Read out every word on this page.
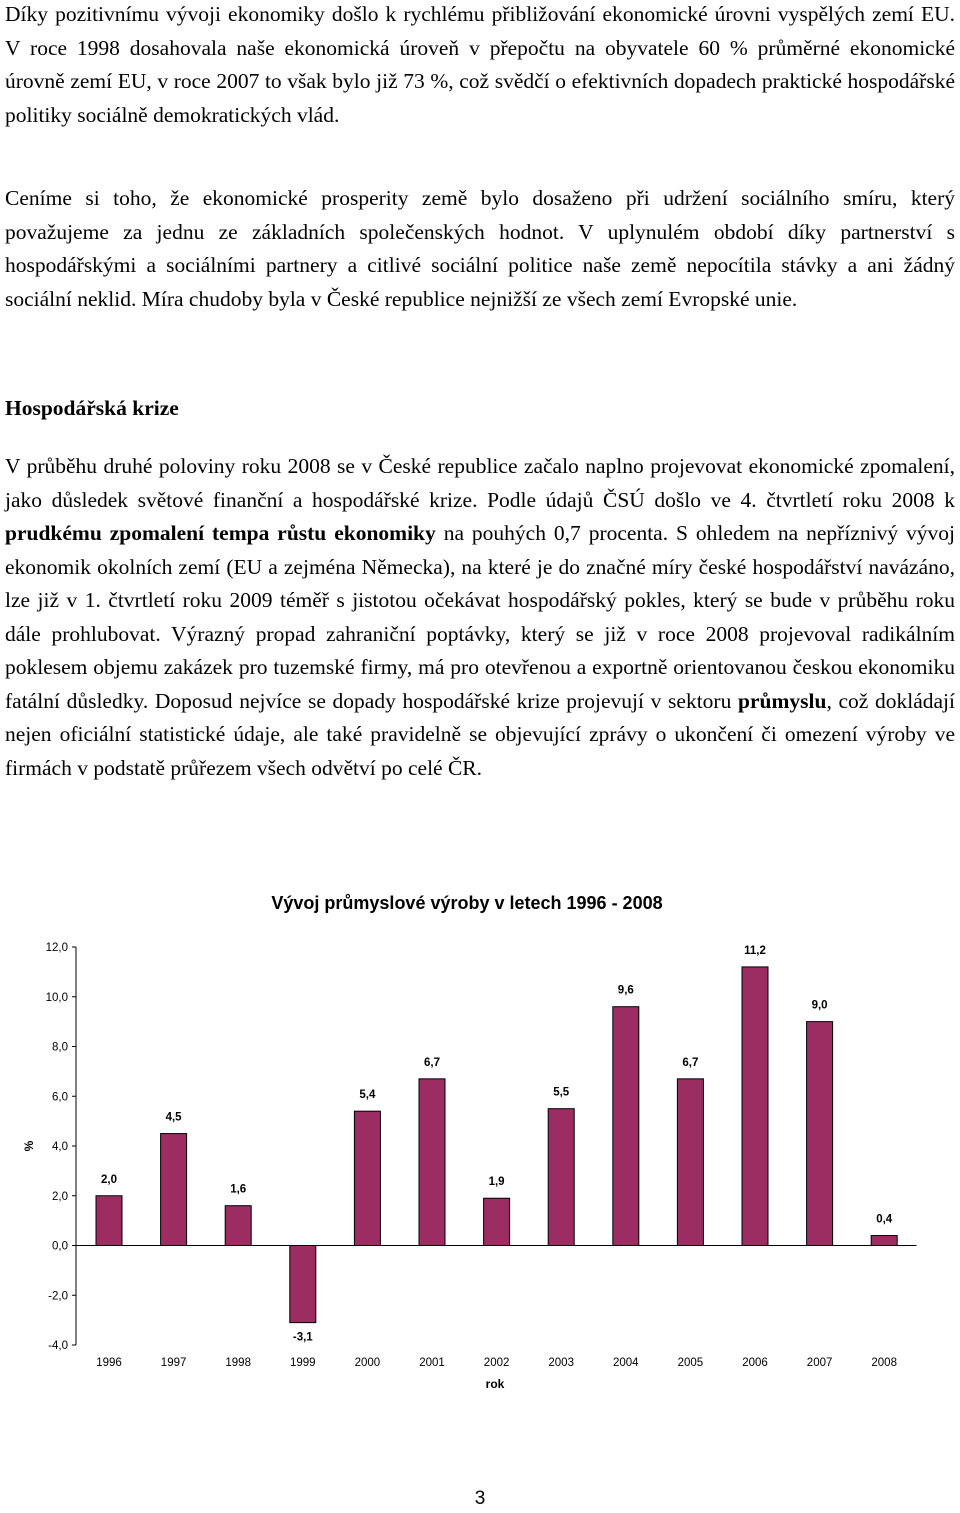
Díky pozitivnímu vývoji ekonomiky došlo k rychlému přibližování ekonomické úrovni vyspělých zemí EU. V roce 1998 dosahovala naše ekonomická úroveň v přepočtu na obyvatele 60 % průměrné ekonomické úrovně zemí EU, v roce 2007 to však bylo již 73 %, což svědčí o efektivních dopadech praktické hospodářské politiky sociálně demokratických vlád.

Ceníme si toho, že ekonomické prosperity země bylo dosaženo při udržení sociálního smíru, který považujeme za jednu ze základních společenských hodnot. V uplynulém období díky partnerství s hospodářskými a sociálními partnery a citlivé sociální politice naše země nepocítila stávky a ani žádný sociální neklid. Míra chudoby byla v České republice nejnižší ze všech zemí Evropské unie.

Hospodářská krize

V průběhu druhé poloviny roku 2008 se v České republice začalo naplno projevovat ekonomické zpomalení, jako důsledek světové finanční a hospodářské krize. Podle údajů ČSÚ došlo ve 4. čtvrtletí roku 2008 k prudkému zpomalení tempa růstu ekonomiky na pouhých 0,7 procenta. S ohledem na nepříznivý vývoj ekonomik okolních zemí (EU a zejména Německa), na které je do značné míry české hospodářství navázáno, lze již v 1. čtvrtletí roku 2009 téměř s jistotou očekávat hospodářský pokles, který se bude v průběhu roku dále prohlubovat. Výrazný propad zahraniční poptávky, který se již v roce 2008 projevoval radikálním poklesem objemu zakázek pro tuzemské firmy, má pro otevřenou a exportně orientovanou českou ekonomiku fatální důsledky. Doposud nejvíce se dopady hospodářské krize projevují v sektoru průmyslu, což dokládají nejen oficiální statistické údaje, ale také pravidelně se objevující zprávy o ukončení či omezení výroby ve firmách v podstatě průřezem všech odvětví po celé ČR.

Vývoj průmyslové výroby v letech 1996 - 2008
%
rok
12,0
10,0
8,0
6,0
4,0
2,0
0,0
-2,0
-4,0
2,0
4,5
1,6
-3,1
5,4
6,7
1,9
5,5
9,6
6,7
11,2
9,0
0,4
1996	1997	1998	1999	2000	2001	2002	2003	2004	2005	2006	2007	2008
3
